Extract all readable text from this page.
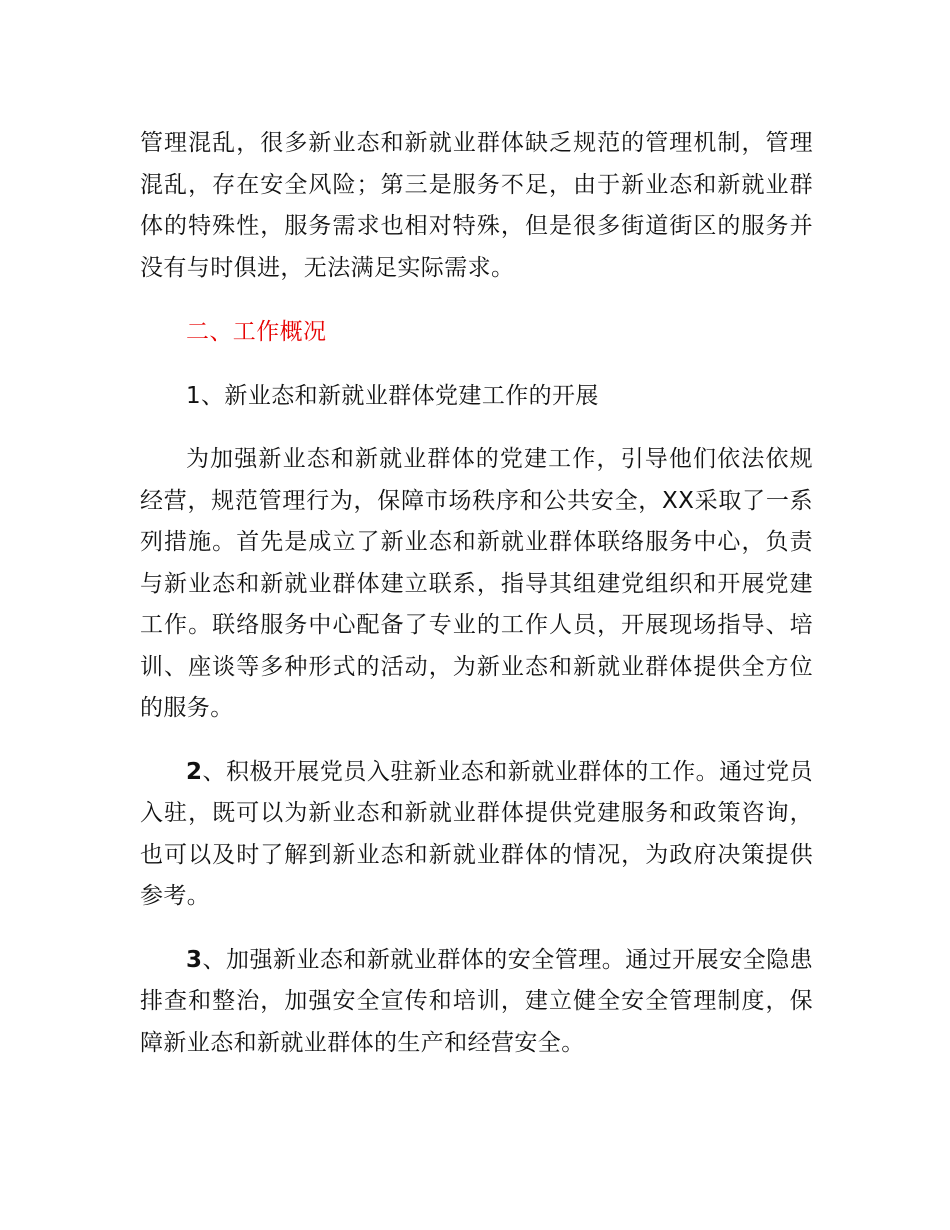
管理混乱，很多新业态和新就业群体缺乏规范的管理机制，管理混乱，存在安全风险；第三是服务不足，由于新业态和新就业群体的特殊性，服务需求也相对特殊，但是很多街道街区的服务并没有与时俱进，无法满足实际需求。

二、工作概况

1、新业态和新就业群体党建工作的开展

为加强新业态和新就业群体的党建工作，引导他们依法依规经营，规范管理行为，保障市场秩序和公共安全，XX采取了一系列措施。首先是成立了新业态和新就业群体联络服务中心，负责与新业态和新就业群体建立联系，指导其组建党组织和开展党建工作。联络服务中心配备了专业的工作人员，开展现场指导、培训、座谈等多种形式的活动，为新业态和新就业群体提供全方位的服务。

2、积极开展党员入驻新业态和新就业群体的工作。通过党员入驻，既可以为新业态和新就业群体提供党建服务和政策咨询，也可以及时了解到新业态和新就业群体的情况，为政府决策提供参考。

3、加强新业态和新就业群体的安全管理。通过开展安全隐患排查和整治，加强安全宣传和培训，建立健全安全管理制度，保障新业态和新就业群体的生产和经营安全。
